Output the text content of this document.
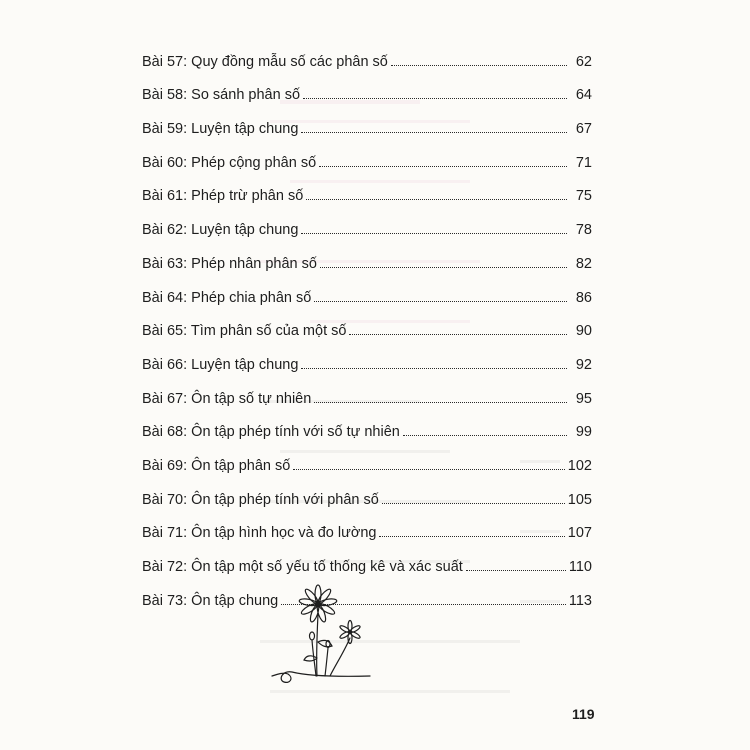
Bài 57: Quy đồng mẫu số các phân số	62
Bài 58: So sánh phân số	64
Bài 59: Luyện tập chung	67
Bài 60: Phép cộng phân số	71
Bài 61: Phép trừ phân số	75
Bài 62: Luyện tập chung	78
Bài 63: Phép nhân phân số	82
Bài 64: Phép chia phân số	86
Bài 65: Tìm phân số của một số	90
Bài 66: Luyện tập chung	92
Bài 67: Ôn tập số tự nhiên	95
Bài 68: Ôn tập phép tính với số tự nhiên	99
Bài 69: Ôn tập phân số	102
Bài 70: Ôn tập phép tính với phân số	105
Bài 71: Ôn tập hình học và đo lường	107
Bài 72: Ôn tập một số yếu tố thống kê và xác suất	110
Bài 73: Ôn tập chung	113
119
